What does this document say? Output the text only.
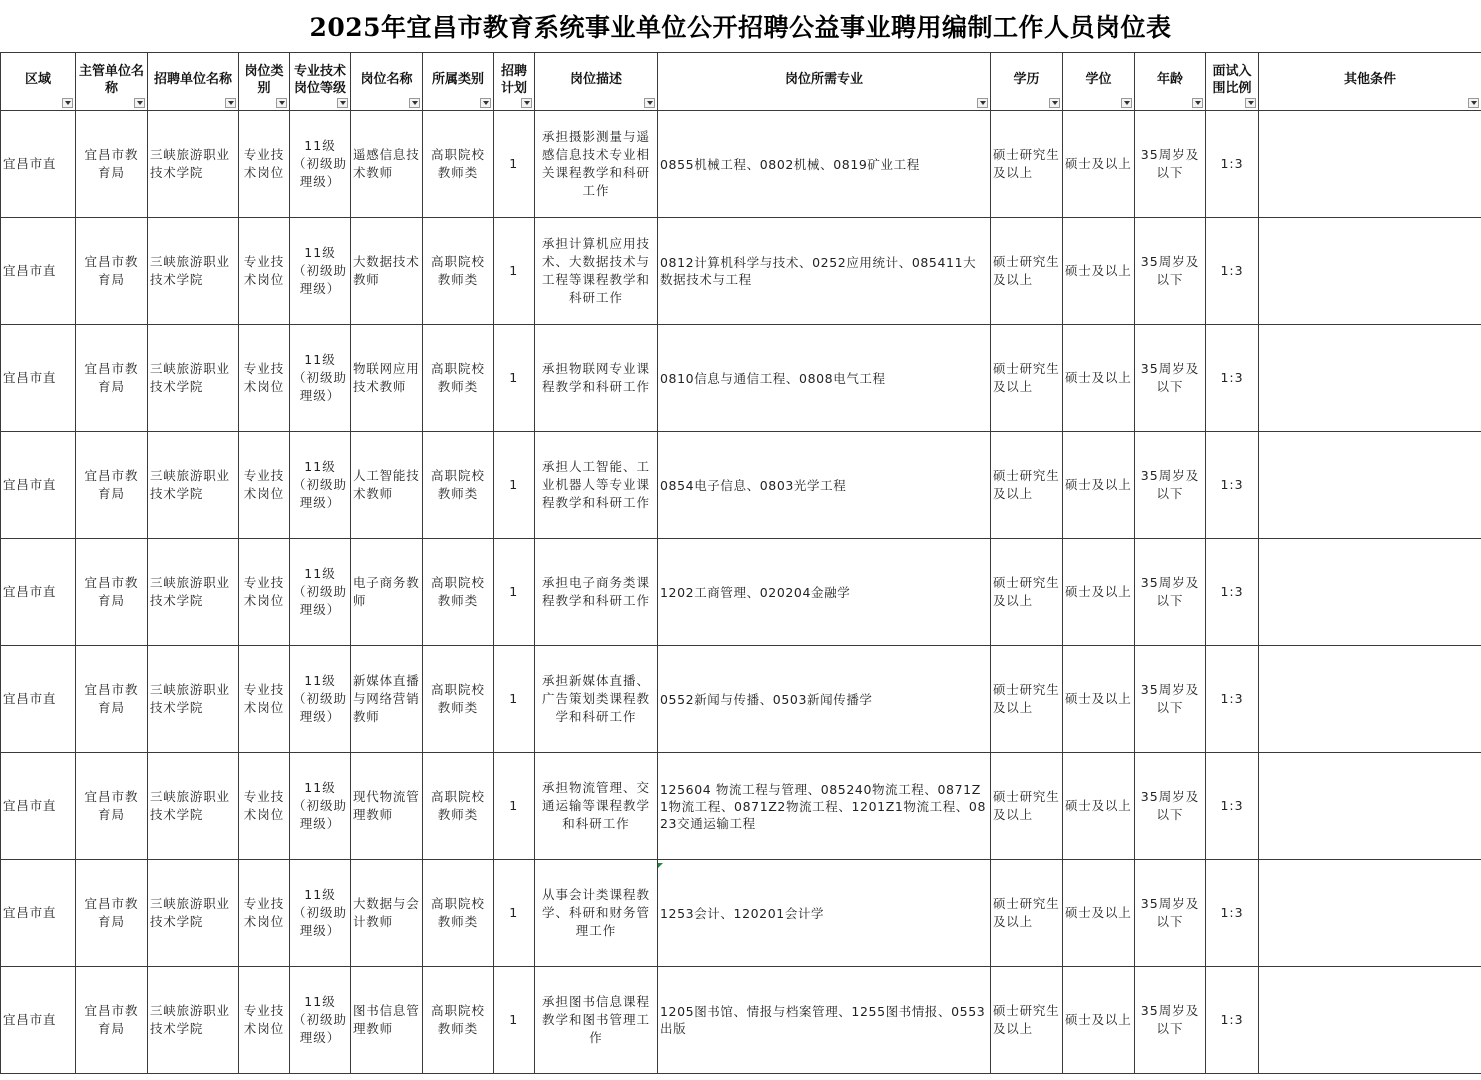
2025年宜昌市教育系统事业单位公开招聘公益事业聘用编制工作人员岗位表
区域	主管单位名称	招聘单位名称	岗位类别	专业技术岗位等级	岗位名称	所属类别	招聘计划	岗位描述	岗位所需专业	学历	学位	年龄	面试入围比例	其他条件

宜昌市直	宜昌市教育局	三峡旅游职业技术学院	专业技术岗位	11级（初级助理级）	遥感信息技术教师	高职院校教师类	1	承担摄影测量与遥感信息技术专业相关课程教学和科研工作	0855机械工程、0802机械、0819矿业工程	硕士研究生及以上	硕士及以上	35周岁及以下	1:3	
宜昌市直	宜昌市教育局	三峡旅游职业技术学院	专业技术岗位	11级（初级助理级）	大数据技术教师	高职院校教师类	1	承担计算机应用技术、大数据技术与工程等课程教学和科研工作	0812计算机科学与技术、0252应用统计、085411大数据技术与工程	硕士研究生及以上	硕士及以上	35周岁及以下	1:3	
宜昌市直	宜昌市教育局	三峡旅游职业技术学院	专业技术岗位	11级（初级助理级）	物联网应用技术教师	高职院校教师类	1	承担物联网专业课程教学和科研工作	0810信息与通信工程、0808电气工程	硕士研究生及以上	硕士及以上	35周岁及以下	1:3	
宜昌市直	宜昌市教育局	三峡旅游职业技术学院	专业技术岗位	11级（初级助理级）	人工智能技术教师	高职院校教师类	1	承担人工智能、工业机器人等专业课程教学和科研工作	0854电子信息、0803光学工程	硕士研究生及以上	硕士及以上	35周岁及以下	1:3	
宜昌市直	宜昌市教育局	三峡旅游职业技术学院	专业技术岗位	11级（初级助理级）	电子商务教师	高职院校教师类	1	承担电子商务类课程教学和科研工作	1202工商管理、020204金融学	硕士研究生及以上	硕士及以上	35周岁及以下	1:3	
宜昌市直	宜昌市教育局	三峡旅游职业技术学院	专业技术岗位	11级（初级助理级）	新媒体直播与网络营销教师	高职院校教师类	1	承担新媒体直播、广告策划类课程教学和科研工作	0552新闻与传播、0503新闻传播学	硕士研究生及以上	硕士及以上	35周岁及以下	1:3	
宜昌市直	宜昌市教育局	三峡旅游职业技术学院	专业技术岗位	11级（初级助理级）	现代物流管理教师	高职院校教师类	1	承担物流管理、交通运输等课程教学和科研工作	125604 物流工程与管理、085240物流工程、0871Z1物流工程、0871Z2物流工程、1201Z1物流工程、0823交通运输工程	硕士研究生及以上	硕士及以上	35周岁及以下	1:3	
宜昌市直	宜昌市教育局	三峡旅游职业技术学院	专业技术岗位	11级（初级助理级）	大数据与会计教师	高职院校教师类	1	从事会计类课程教学、科研和财务管理工作	1253会计、120201会计学	硕士研究生及以上	硕士及以上	35周岁及以下	1:3	
宜昌市直	宜昌市教育局	三峡旅游职业技术学院	专业技术岗位	11级（初级助理级）	图书信息管理教师	高职院校教师类	1	承担图书信息课程教学和图书管理工作	1205图书馆、情报与档案管理、1255图书情报、0553出版	硕士研究生及以上	硕士及以上	35周岁及以下	1:3	
